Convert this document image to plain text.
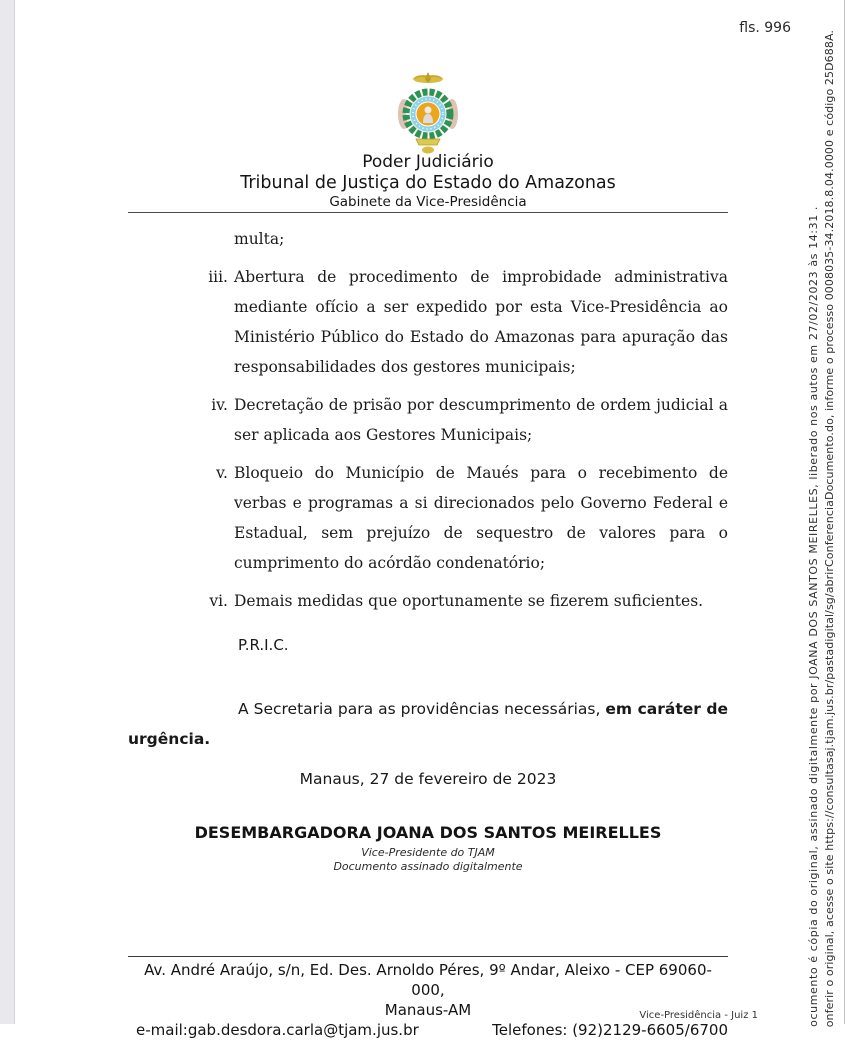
fls. 996
Poder Judiciário
Tribunal de Justiça do Estado do Amazonas
Gabinete da Vice-Presidência
multa;
iii. Abertura de procedimento de improbidade administrativa mediante ofício a ser expedido por esta Vice-Presidência ao Ministério Público do Estado do Amazonas para apuração das responsabilidades dos gestores municipais;
iv. Decretação de prisão por descumprimento de ordem judicial a ser aplicada aos Gestores Municipais;
v. Bloqueio do Município de Maués para o recebimento de verbas e programas a si direcionados pelo Governo Federal e Estadual, sem prejuízo de sequestro de valores para o cumprimento do acórdão condenatório;
vi. Demais medidas que oportunamente se fizerem suficientes.
P.R.I.C.
A Secretaria para as providências necessárias, em caráter de urgência.
Manaus, 27 de fevereiro de 2023
DESEMBARGADORA JOANA DOS SANTOS MEIRELLES
Vice-Presidente do TJAM
Documento assinado digitalmente
Av. André Araújo, s/n, Ed. Des. Arnoldo Péres, 9º Andar, Aleixo - CEP 69060-000,
Manaus-AM
e-mail:gab.desdora.carla@tjam.jus.br	Telefones: (92)2129-6605/6700
Vice-Presidência - Juiz 1	ocumento é cópia do original, assinado digitalmente por JOANA DOS SANTOS MEIRELLES, liberado nos autos em 27/02/2023 às 14:31 . onferir o original, acesse o site https://consultasaj.tjam.jus.br/pastadigital/sg/abrirConferenciaDocumento.do, informe o processo 0008035-34.2018.8.04.0000 e código 25D688A.
